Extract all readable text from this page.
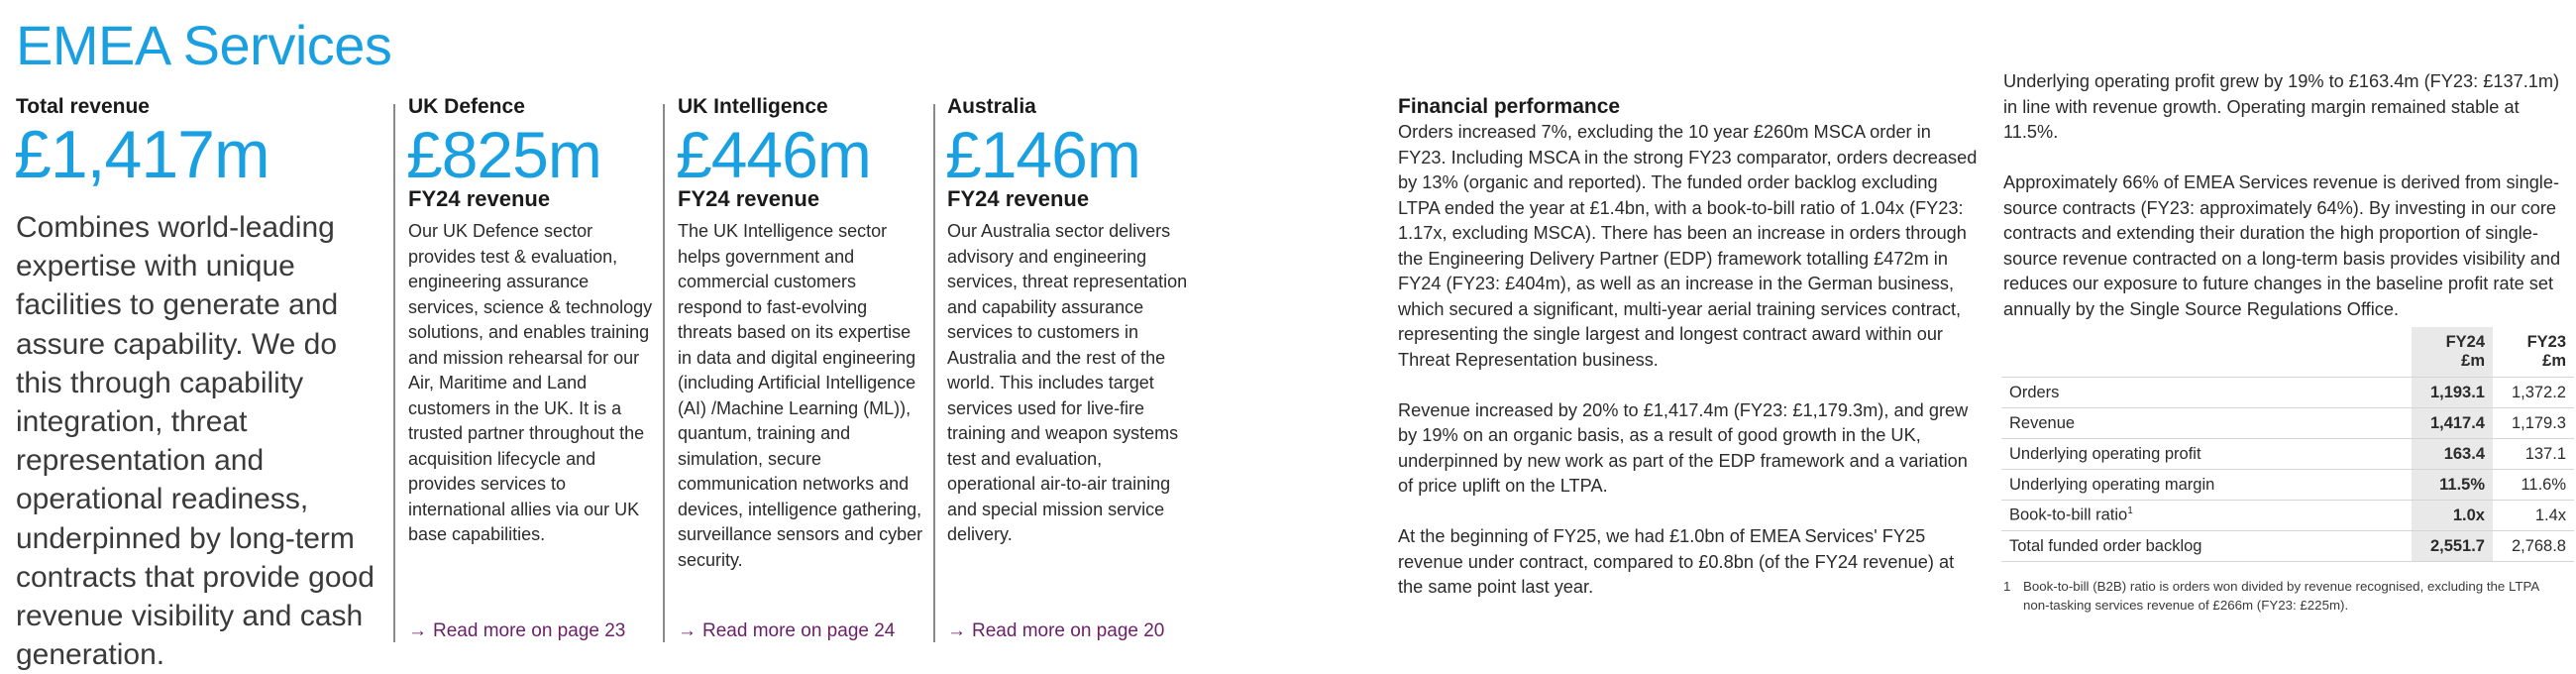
EMEA Services
Total revenue
£1,417m
Combines world-leading expertise with unique facilities to generate and assure capability. We do this through capability integration, threat representation and operational readiness, underpinned by long-term contracts that provide good revenue visibility and cash generation.
UK Defence
£825m
FY24 revenue
Our UK Defence sector provides test & evaluation, engineering assurance services, science & technology solutions, and enables training and mission rehearsal for our Air, Maritime and Land customers in the UK. It is a trusted partner throughout the acquisition lifecycle and provides services to international allies via our UK base capabilities.
→ Read more on page 23
UK Intelligence
£446m
FY24 revenue
The UK Intelligence sector helps government and commercial customers respond to fast-evolving threats based on its expertise in data and digital engineering (including Artificial Intelligence (AI) /Machine Learning (ML)), quantum, training and simulation, secure communication networks and devices, intelligence gathering, surveillance sensors and cyber security.
→ Read more on page 24
Australia
£146m
FY24 revenue
Our Australia sector delivers advisory and engineering services, threat representation and capability assurance services to customers in Australia and the rest of the world. This includes target services used for live-fire training and weapon systems test and evaluation, operational air-to-air training and special mission service delivery.
→ Read more on page 20
Financial performance

Orders increased 7%, excluding the 10 year £260m MSCA order in FY23. Including MSCA in the strong FY23 comparator, orders decreased by 13% (organic and reported). The funded order backlog excluding LTPA ended the year at £1.4bn, with a book-to-bill ratio of 1.04x (FY23: 1.17x, excluding MSCA). There has been an increase in orders through the Engineering Delivery Partner (EDP) framework totalling £472m in FY24 (FY23: £404m), as well as an increase in the German business, which secured a significant, multi-year aerial training services contract, representing the single largest and longest contract award within our Threat Representation business.

Revenue increased by 20% to £1,417.4m (FY23: £1,179.3m), and grew by 19% on an organic basis, as a result of good growth in the UK, underpinned by new work as part of the EDP framework and a variation of price uplift on the LTPA.

At the beginning of FY25, we had £1.0bn of EMEA Services' FY25 revenue under contract, compared to £0.8bn (of the FY24 revenue) at the same point last year.

Underlying operating profit grew by 19% to £163.4m (FY23: £137.1m) in line with revenue growth. Operating margin remained stable at 11.5%.

Approximately 66% of EMEA Services revenue is derived from single-source contracts (FY23: approximately 64%). By investing in our core contracts and extending their duration the high proportion of single-source revenue contracted on a long-term basis provides visibility and reduces our exposure to future changes in the baseline profit rate set annually by the Single Source Regulations Office.

	FY24
£m	FY23
£m
Orders	1,193.1	1,372.2
Revenue	1,417.4	1,179.3
Underlying operating profit	163.4	137.1
Underlying operating margin	11.5%	11.6%
Book-to-bill ratio$^1$	1.0x	1.4x
Total funded order backlog	2,551.7	2,768.8
1 Book-to-bill (B2B) ratio is orders won divided by revenue recognised, excluding the LTPA non-tasking services revenue of £266m (FY23: £225m).
